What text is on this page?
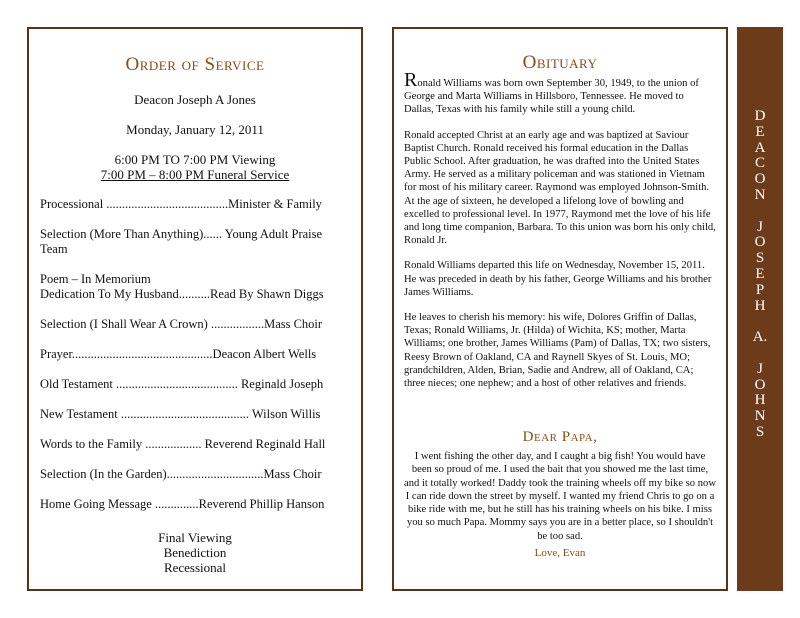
Order of Service
Deacon Joseph A Jones
Monday, January 12, 2011
6:00 PM TO 7:00 PM Viewing
7:00 PM – 8:00 PM Funeral Service

Processional .......................................Minister & Family

Selection (More Than Anything)...... Young Adult Praise Team

Poem – In Memorium

Dedication To My Husband..........Read By Shawn Diggs

Selection (I Shall Wear A Crown) .................Mass Choir

Prayer.............................................Deacon Albert Wells

Old Testament ....................................... Reginald Joseph

New Testament ......................................... Wilson Willis

Words to the Family .................. Reverend Reginald Hall

Selection (In the Garden)...............................Mass Choir

Home Going Message ..............Reverend Phillip Hanson

Final Viewing
Benediction
Recessional
Obituary

Ronald Williams was born own September 30, 1949, to the union of George and Marta Williams in Hillsboro, Tennessee. He moved to Dallas, Texas with his family while still a young child.

Ronald accepted Christ at an early age and was baptized at Saviour Baptist Church. Ronald received his formal education in the Dallas Public School. After graduation, he was drafted into the United States Army. He served as a military policeman and was stationed in Vietnam for most of his military career. Raymond was employed Johnson-Smith. At the age of sixteen, he developed a lifelong love of bowling and excelled to professional level. In 1977, Raymond met the love of his life and long time companion, Barbara. To this union was born his only child, Ronald Jr.

Ronald Williams departed this life on Wednesday, November 15, 2011. He was preceded in death by his father, George Williams and his brother James Williams.

He leaves to cherish his memory: his wife, Dolores Griffin of Dallas, Texas; Ronald Williams, Jr. (Hilda) of Wichita, KS; mother, Marta Williams; one brother, James Williams (Pam) of Dallas, TX; two sisters, Reesy Brown of Oakland, CA and Raynell Skyes of St. Louis, MO;

grandchildren, Alden, Brian, Sadie and Andrew, all of Oakland, CA; three nieces; one nephew; and a host of other relatives and friends.

Dear Papa,
I went fishing the other day, and I caught a big fish! You would have been so proud of me. I used the bait that you showed me the last time, and it totally worked! Daddy took the training wheels off my bike so now I can ride down the street by myself. I wanted my friend Chris to go on a bike ride with me, but he still has his training wheels on his bike. I miss you so much Papa. Mommy says you are in a better place, so I shouldn't be too sad.
Love, Evan
D
E
A
C
O
N
J
O
S
E
P
H
A.
J
O
H
N
S
